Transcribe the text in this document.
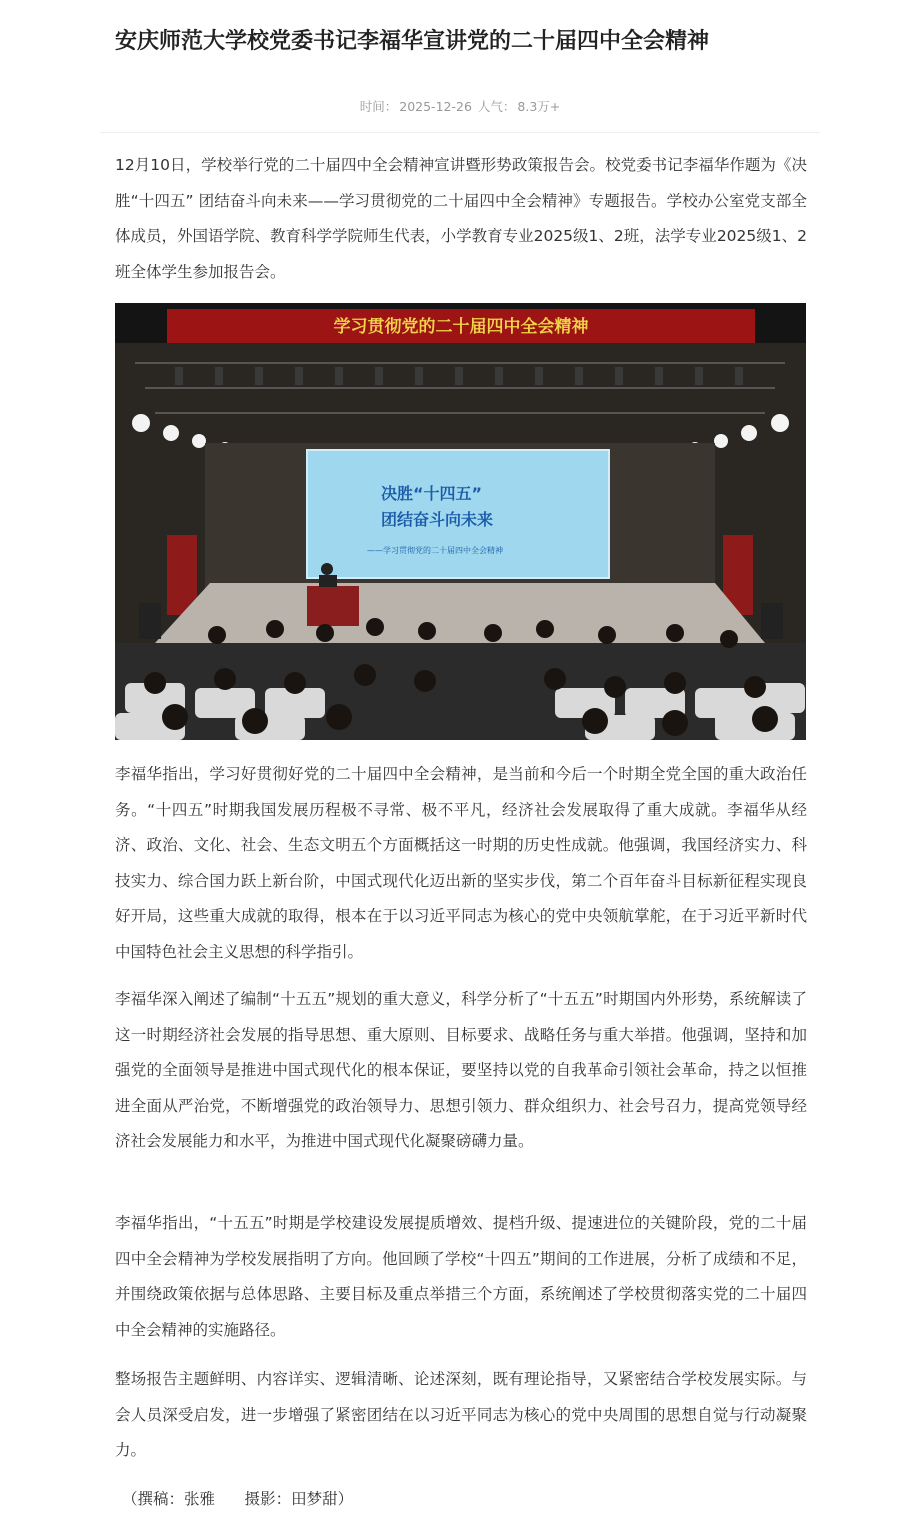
安庆师范大学校党委书记李福华宣讲党的二十届四中全会精神
时间： 2025-12-26 人气： 8.3万+

12月10日，学校举行党的二十届四中全会精神宣讲暨形势政策报告会。校党委书记李福华作题为《决胜“十四五” 团结奋斗向未来——学习贯彻党的二十届四中全会精神》专题报告。学校办公室党支部全体成员，外国语学院、教育科学学院师生代表，小学教育专业2025级1、2班，法学专业2025级1、2班全体学生参加报告会。

学习贯彻党的二十届四中全会精神
决胜“十四五”
团结奋斗向未来
——学习贯彻党的二十届四中全会精神

李福华指出，学习好贯彻好党的二十届四中全会精神，是当前和今后一个时期全党全国的重大政治任务。“十四五”时期我国发展历程极不寻常、极不平凡，经济社会发展取得了重大成就。李福华从经济、政治、文化、社会、生态文明五个方面概括这一时期的历史性成就。他强调，我国经济实力、科技实力、综合国力跃上新台阶，中国式现代化迈出新的坚实步伐，第二个百年奋斗目标新征程实现良好开局，这些重大成就的取得，根本在于以习近平同志为核心的党中央领航掌舵，在于习近平新时代中国特色社会主义思想的科学指引。

李福华深入阐述了编制“十五五”规划的重大意义，科学分析了“十五五”时期国内外形势，系统解读了这一时期经济社会发展的指导思想、重大原则、目标要求、战略任务与重大举措。他强调，坚持和加强党的全面领导是推进中国式现代化的根本保证，要坚持以党的自我革命引领社会革命，持之以恒推进全面从严治党，不断增强党的政治领导力、思想引领力、群众组织力、社会号召力，提高党领导经济社会发展能力和水平，为推进中国式现代化凝聚磅礴力量。

李福华指出，“十五五”时期是学校建设发展提质增效、提档升级、提速进位的关键阶段，党的二十届四中全会精神为学校发展指明了方向。他回顾了学校“十四五”期间的工作进展，分析了成绩和不足，并围绕政策依据与总体思路、主要目标及重点举措三个方面，系统阐述了学校贯彻落实党的二十届四中全会精神的实施路径。

整场报告主题鲜明、内容详实、逻辑清晰、论述深刻，既有理论指导，又紧密结合学校发展实际。与会人员深受启发，进一步增强了紧密团结在以习近平同志为核心的党中央周围的思想自觉与行动凝聚力。

（撰稿：张雅      摄影：田梦甜）
